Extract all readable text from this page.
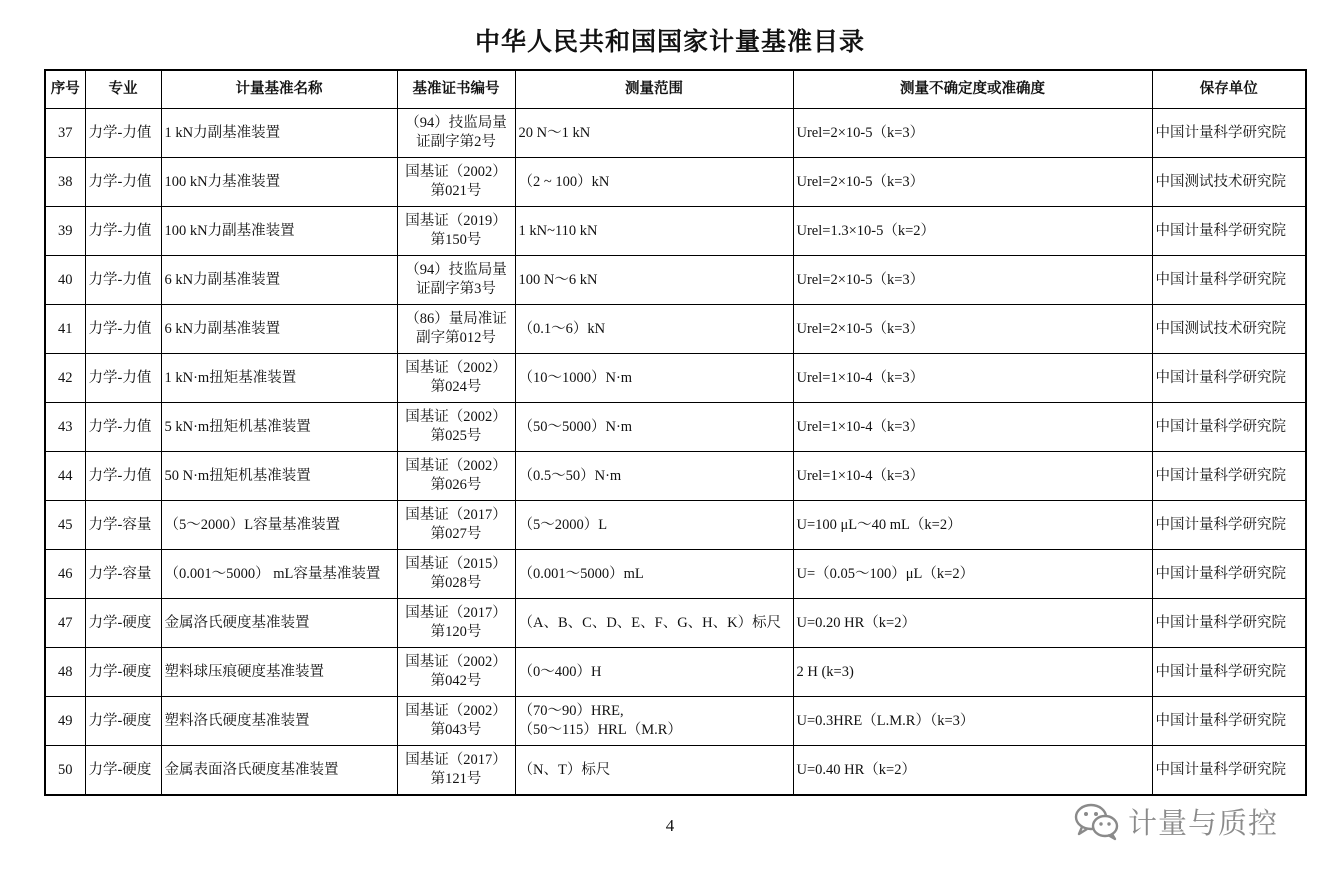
中华人民共和国国家计量基准目录
序号	专业	计量基准名称	基准证书编号	测量范围	测量不确定度或准确度	保存单位
37	力学-力值	1 kN力副基准装置	（94）技监局量
证副字第2号	20 N～1 kN	Urel=2×10-5（k=3）	中国计量科学研究院
38	力学-力值	100 kN力基准装置	国基证（2002）
第021号	（2 ~ 100）kN	Urel=2×10-5（k=3）	中国测试技术研究院
39	力学-力值	100 kN力副基准装置	国基证（2019）
第150号	1 kN~110 kN	Urel=1.3×10-5（k=2）	中国计量科学研究院
40	力学-力值	6 kN力副基准装置	（94）技监局量
证副字第3号	100 N～6 kN	Urel=2×10-5（k=3）	中国计量科学研究院
41	力学-力值	6 kN力副基准装置	（86）量局准证
副字第012号	（0.1～6）kN	Urel=2×10-5（k=3）	中国测试技术研究院
42	力学-力值	1 kN·m扭矩基准装置	国基证（2002）
第024号	（10～1000）N·m	Urel=1×10-4（k=3）	中国计量科学研究院
43	力学-力值	5 kN·m扭矩机基准装置	国基证（2002）
第025号	（50～5000）N·m	Urel=1×10-4（k=3）	中国计量科学研究院
44	力学-力值	50 N·m扭矩机基准装置	国基证（2002）
第026号	（0.5～50）N·m	Urel=1×10-4（k=3）	中国计量科学研究院
45	力学-容量	（5～2000）L容量基准装置	国基证（2017）
第027号	（5～2000）L	U=100 μL～40 mL（k=2）	中国计量科学研究院
46	力学-容量	（0.001～5000） mL容量基准装置	国基证（2015）
第028号	（0.001～5000）mL	U=（0.05～100）μL（k=2）	中国计量科学研究院
47	力学-硬度	金属洛氏硬度基准装置	国基证（2017）
第120号	（A、B、C、D、E、F、G、H、K）标尺	U=0.20 HR（k=2）	中国计量科学研究院
48	力学-硬度	塑料球压痕硬度基准装置	国基证（2002）
第042号	（0～400）H	2 H (k=3)	中国计量科学研究院
49	力学-硬度	塑料洛氏硬度基准装置	国基证（2002）
第043号	（70～90）HRE,
（50～115）HRL（M.R）	U=0.3HRE（L.M.R）（k=3）	中国计量科学研究院
50	力学-硬度	金属表面洛氏硬度基准装置	国基证（2017）
第121号	（N、T）标尺	U=0.40 HR（k=2）	中国计量科学研究院
4	计量与质控
